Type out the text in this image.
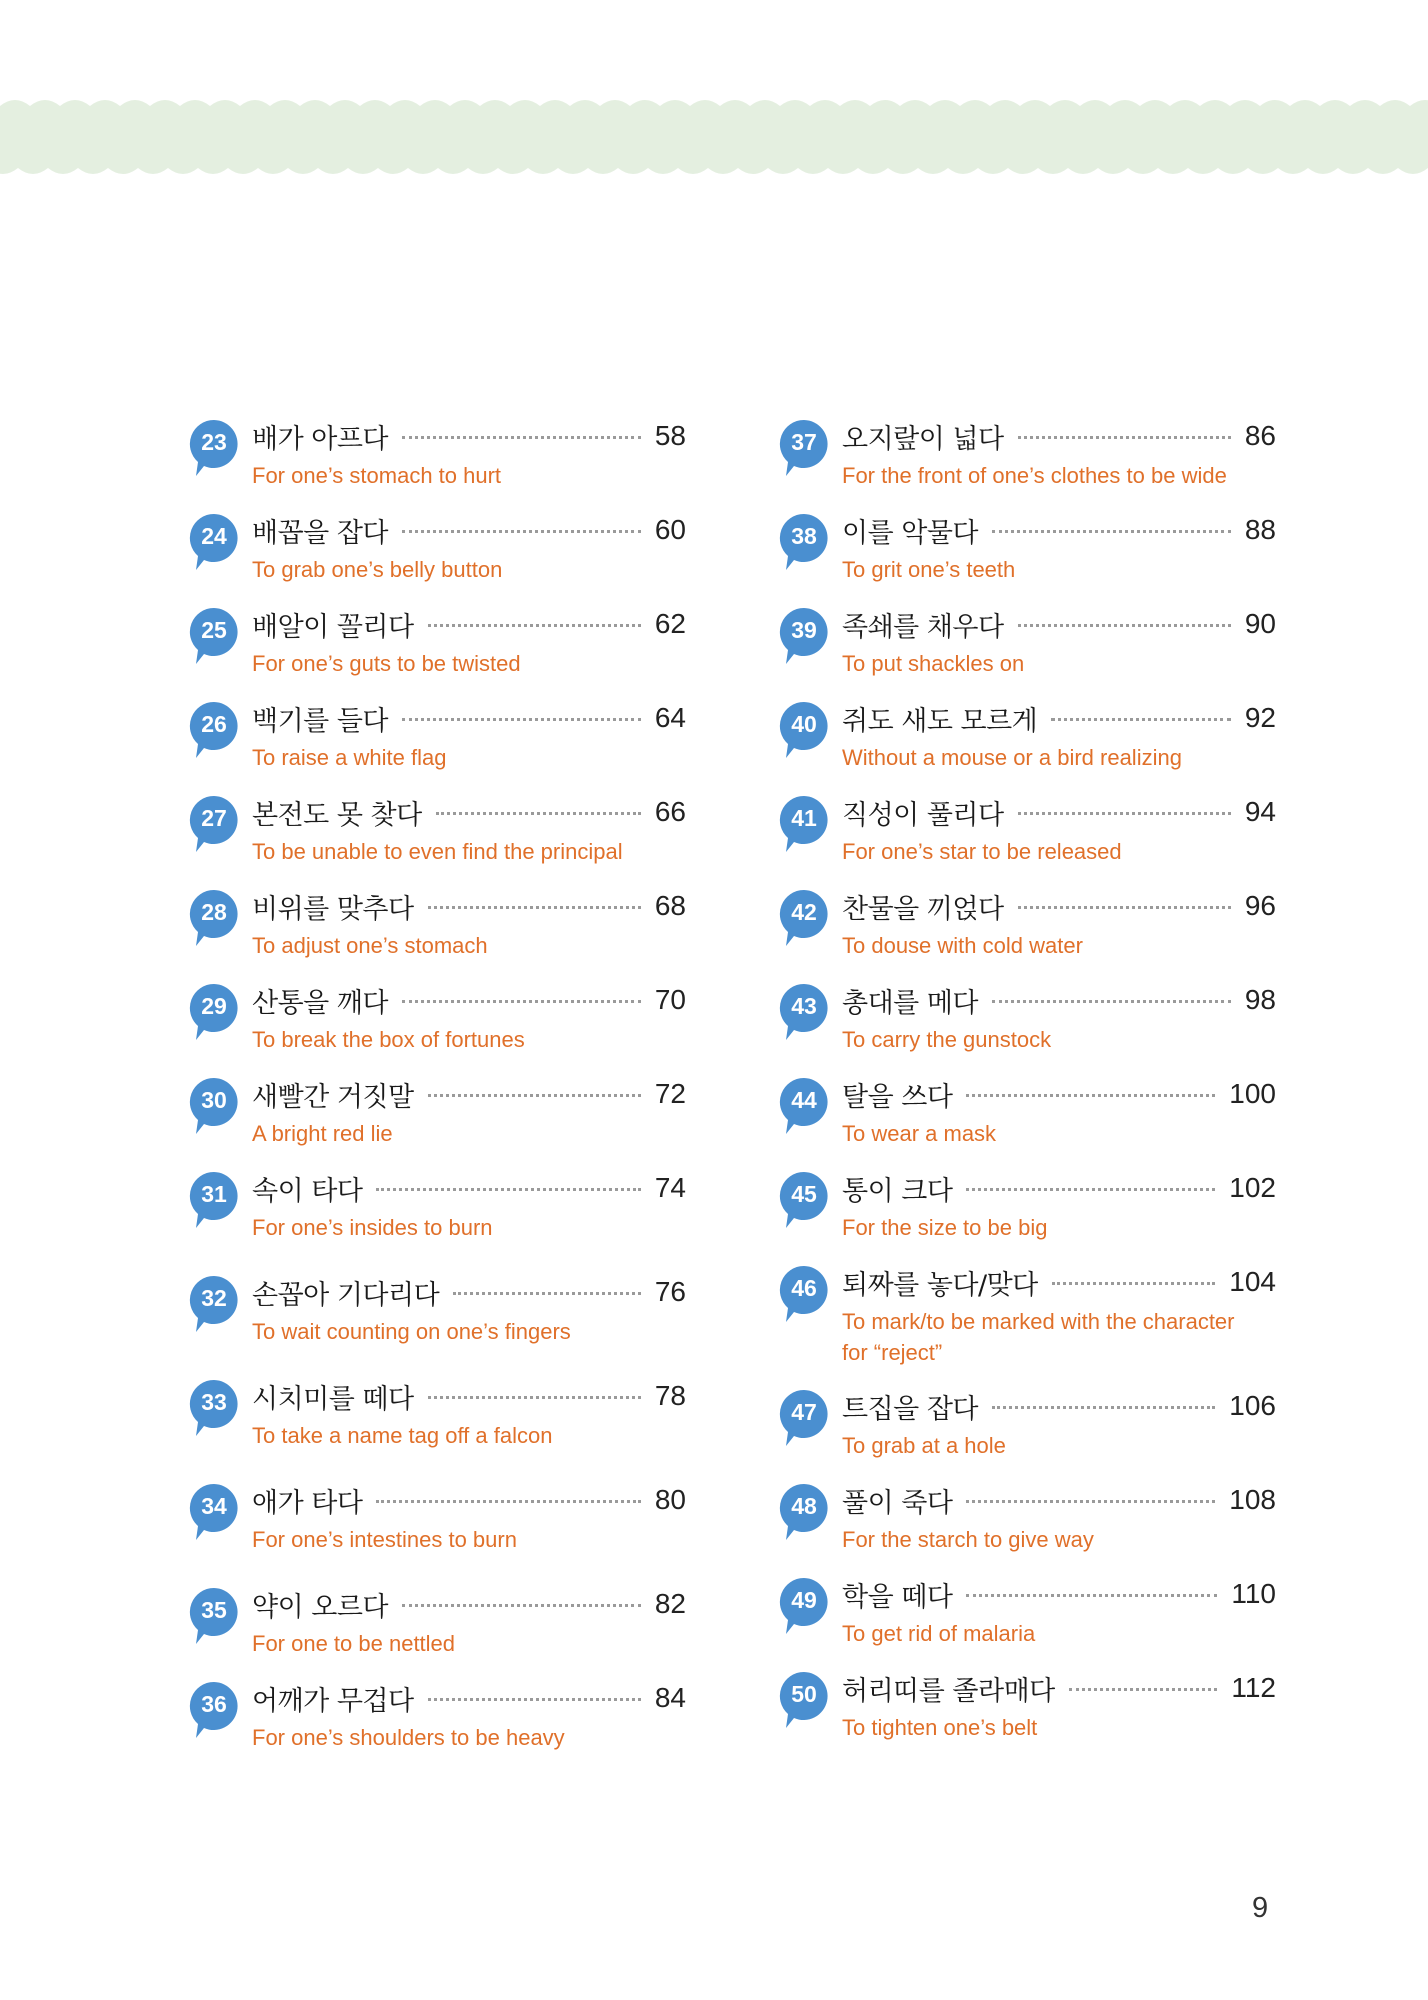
23 배가 아프다	58
For one’s stomach to hurt
24 배꼽을 잡다	60
To grab one’s belly button
25 배알이 꼴리다	62
For one’s guts to be twisted
26 백기를 들다	64
To raise a white flag
27 본전도 못 찾다	66
To be unable to even find the principal
28 비위를 맞추다	68
To adjust one’s stomach
29 산통을 깨다	70
To break the box of fortunes
30 새빨간 거짓말	72
A bright red lie
31 속이 타다	74
For one’s insides to burn
32 손꼽아 기다리다	76
To wait counting on one’s fingers
33 시치미를 떼다	78
To take a name tag off a falcon
34 애가 타다	80
For one’s intestines to burn
35 약이 오르다	82
For one to be nettled
36 어깨가 무겁다	84
For one’s shoulders to be heavy
37 오지랖이 넓다	86
For the front of one’s clothes to be wide
38 이를 악물다	88
To grit one’s teeth
39 족쇄를 채우다	90
To put shackles on
40 쥐도 새도 모르게	92
Without a mouse or a bird realizing
41 직성이 풀리다	94
For one’s star to be released
42 찬물을 끼얹다	96
To douse with cold water
43 총대를 메다	98
To carry the gunstock
44 탈을 쓰다	100
To wear a mask
45 통이 크다	102
For the size to be big
46 퇴짜를 놓다/맞다	104
To mark/to be marked with the character for “reject”
47 트집을 잡다	106
To grab at a hole
48 풀이 죽다	108
For the starch to give way
49 학을 떼다	110
To get rid of malaria
50 허리띠를 졸라매다	112
To tighten one’s belt
9
